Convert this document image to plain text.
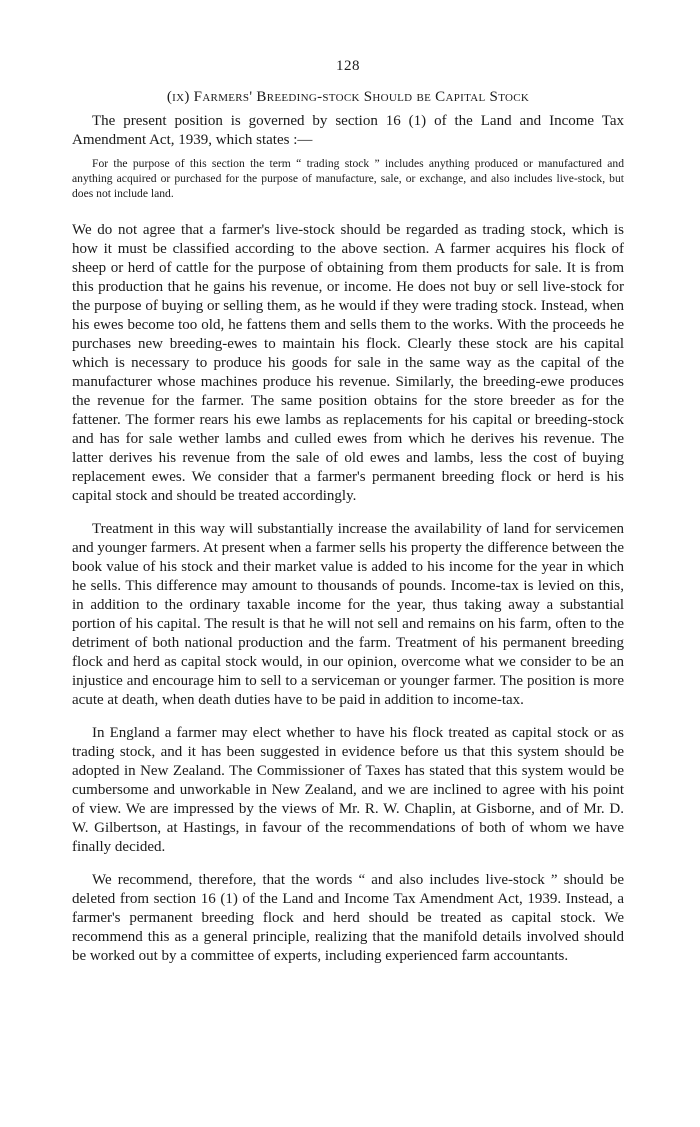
128
(ix) Farmers' Breeding-stock Should be Capital Stock

The present position is governed by section 16 (1) of the Land and Income Tax Amendment Act, 1939, which states :—

For the purpose of this section the term “ trading stock ” includes anything produced or manufactured and anything acquired or purchased for the purpose of manufacture, sale, or exchange, and also includes live-stock, but does not include land.

We do not agree that a farmer's live-stock should be regarded as trading stock, which is how it must be classified according to the above section. A farmer acquires his flock of sheep or herd of cattle for the purpose of obtaining from them products for sale. It is from this production that he gains his revenue, or income. He does not buy or sell live-stock for the purpose of buying or selling them, as he would if they were trading stock. Instead, when his ewes become too old, he fattens them and sells them to the works. With the proceeds he purchases new breeding-ewes to maintain his flock. Clearly these stock are his capital which is necessary to produce his goods for sale in the same way as the capital of the manufacturer whose machines produce his revenue. Similarly, the breeding-ewe produces the revenue for the farmer. The same position obtains for the store breeder as for the fattener. The former rears his ewe lambs as replacements for his capital or breeding-stock and has for sale wether lambs and culled ewes from which he derives his revenue. The latter derives his revenue from the sale of old ewes and lambs, less the cost of buying replacement ewes. We consider that a farmer's permanent breeding flock or herd is his capital stock and should be treated accordingly.

Treatment in this way will substantially increase the availability of land for servicemen and younger farmers. At present when a farmer sells his property the difference between the book value of his stock and their market value is added to his income for the year in which he sells. This difference may amount to thousands of pounds. Income-tax is levied on this, in addition to the ordinary taxable income for the year, thus taking away a substantial portion of his capital. The result is that he will not sell and remains on his farm, often to the detriment of both national production and the farm. Treatment of his permanent breeding flock and herd as capital stock would, in our opinion, overcome what we consider to be an injustice and encourage him to sell to a serviceman or younger farmer. The position is more acute at death, when death duties have to be paid in addition to income-tax.

In England a farmer may elect whether to have his flock treated as capital stock or as trading stock, and it has been suggested in evidence before us that this system should be adopted in New Zealand. The Commissioner of Taxes has stated that this system would be cumbersome and unworkable in New Zealand, and we are inclined to agree with his point of view. We are impressed by the views of Mr. R. W. Chaplin, at Gisborne, and of Mr. D. W. Gilbertson, at Hastings, in favour of the recommendations of both of whom we have finally decided.

We recommend, therefore, that the words “ and also includes live-stock ” should be deleted from section 16 (1) of the Land and Income Tax Amendment Act, 1939. Instead, a farmer's permanent breeding flock and herd should be treated as capital stock. We recommend this as a general principle, realizing that the manifold details involved should be worked out by a committee of experts, including experienced farm accountants.
